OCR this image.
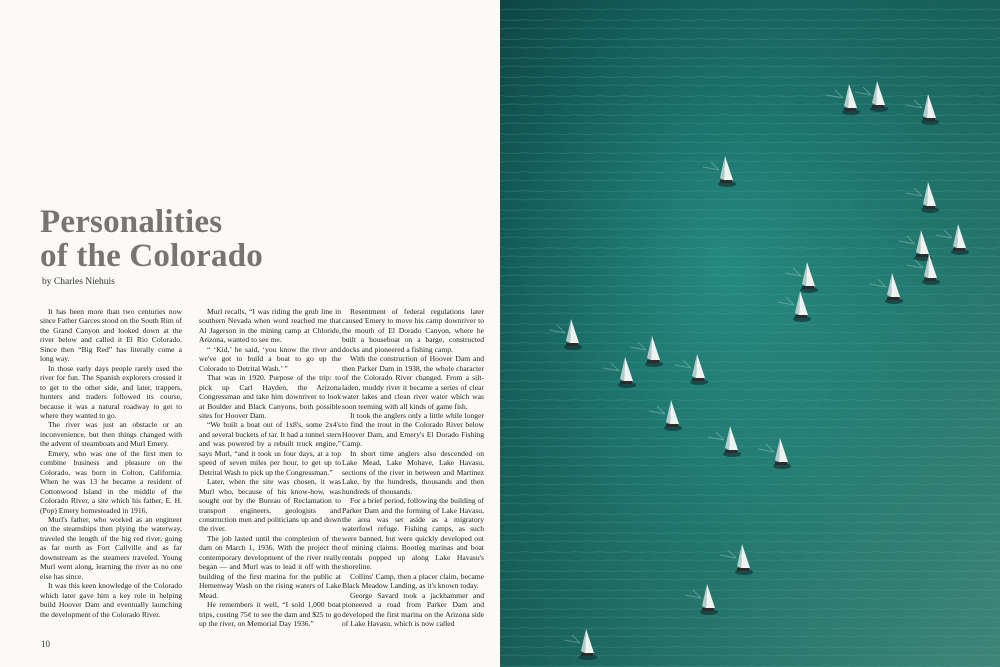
Personalities
of the Colorado
by Charles Niehuis

It has been more than two centuries now since Father Garces stood on the South Rim of the Grand Canyon and looked down at the river below and called it El Rio Colorado. Since then “Big Red” has literally come a long way.

In those early days people rarely used the river for fun. The Spanish explorers crossed it to get to the other side, and later, trappers, hunters and traders followed its course, because it was a natural roadway to get to where they wanted to go.

The river was just an obstacle or an inconvenience, but then things changed with the advent of steamboats and Murl Emery.

Emery, who was one of the first men to combine business and pleasure on the Colorado, was born in Colton, California. When he was 13 he became a resident of Cottonwood Island in the middle of the Colorado River, a site which his father, E. H. (Pop) Emery homesteaded in 1916.

Murl's father, who worked as an engineer on the steamships then plying the waterway, traveled the length of the big red river, going as far north as Fort Callville and as far downstream as the steamers traveled. Young Murl went along, learning the river as no one else has since.

It was this keen knowledge of the Colorado which later gave him a key role in helping build Hoover Dam and eventually launching the development of the Colorado River.

Murl recalls, “I was riding the grub line in southern Nevada when word reached me that Al Jagerson in the mining camp at Chloride, Arizona, wanted to see me.

“ ‘Kid,’ he said, ‘you know the river and we've got to build a boat to go up the Colorado to Detrital Wash.’ ”

That was in 1920. Purpose of the trip: to pick up Carl Hayden, the Arizona Congressman and take him downriver to look at Boulder and Black Canyons, both possible sites for Hoover Dam.

“We built a boat out of 1x8's, some 2x4's and several buckets of tar. It had a tunnel stern and was powered by a rebuilt truck engine,” says Murl, “and it took us four days, at a top speed of seven miles per hour, to get up to Detrital Wash to pick up the Congressman.”

Later, when the site was chosen, it was Murl who, because of his know-how, was sought out by the Bureau of Reclamation to transport engineers, geologists and construction men and politicians up and down the river.

The job lasted until the completion of the dam on March 1, 1936. With the project the contemporary development of the river really began — and Murl was to lead it off with the building of the first marina for the public at Hemenway Wash on the rising waters of Lake Mead.

He remembers it well, “I sold 1,000 boat trips, costing 75¢ to see the dam and $25 to go up the river, on Memorial Day 1936.”

Resentment of federal regulations later caused Emery to move his camp downriver to the mouth of El Dorado Canyon, where he built a houseboat on a barge, constructed docks and pioneered a fishing camp.

With the construction of Hoover Dam and then Parker Dam in 1938, the whole character of the Colorado River changed. From a silt-laden, muddy river it became a series of clear water lakes and clean river water which was soon teeming with all kinds of game fish.

It took the anglers only a little while longer to find the trout in the Colorado River below Hoover Dam, and Emery's El Dorado Fishing Camp.

In short time anglers also descended on Lake Mead, Lake Mohave, Lake Havasu, sections of the river in between and Martinez Lake, by the hundreds, thousands and then hundreds of thousands.

For a brief period, following the building of Parker Dam and the forming of Lake Havasu, the area was set aside as a migratory waterfowl refuge. Fishing camps, as such were banned, but were quickly developed out of mining claims. Bootleg marinas and boat rentals popped up along Lake Havasu's shoreline.

Collins' Camp, then a placer claim, became Black Meadow Landing, as it's known today.

George Savard took a jackhammer and pioneered a road from Parker Dam and developed the first marina on the Arizona side of Lake Havasu, which is now called

10
